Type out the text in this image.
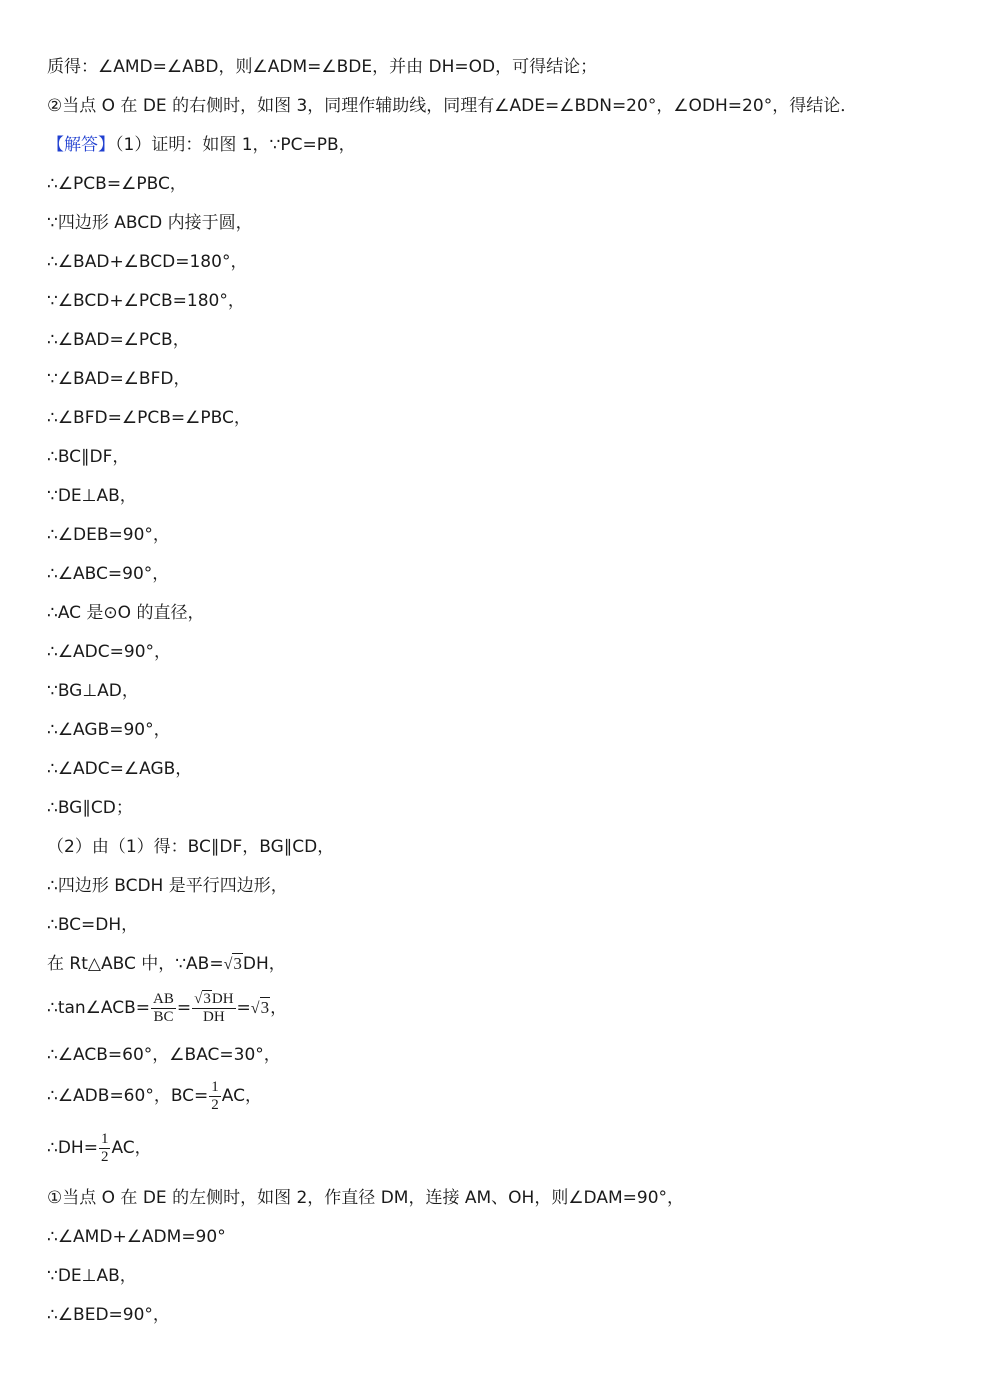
质得：∠AMD=∠ABD，则∠ADM=∠BDE，并由 DH=OD，可得结论；
②当点 O 在 DE 的右侧时，如图 3，同理作辅助线，同理有∠ADE=∠BDN=20°，∠ODH=20°，得结论．
【解答】（1）证明：如图 1，∵PC=PB，
∴∠PCB=∠PBC，
∵四边形 ABCD 内接于圆，
∴∠BAD+∠BCD=180°，
∵∠BCD+∠PCB=180°，
∴∠BAD=∠PCB，
∵∠BAD=∠BFD，
∴∠BFD=∠PCB=∠PBC，
∴BC∥DF，
∵DE⊥AB，
∴∠DEB=90°，
∴∠ABC=90°，
∴AC 是⊙O 的直径，
∴∠ADC=90°，
∵BG⊥AD，
∴∠AGB=90°，
∴∠ADC=∠AGB，
∴BG∥CD；
（2）由（1）得：BC∥DF，BG∥CD，
∴四边形 BCDH 是平行四边形，
∴BC=DH，
在 Rt△ABC 中，∵AB=√3DH，
∴tan∠ACB= $\frac{AB}{BC} = \frac{√3DH}{DH} =√3$，
∴∠ACB=60°，∠BAC=30°，
∴∠ADB=60°，$BC= \frac{1}{2}$ AC，
∴DH= $\frac{1}{2}$ AC，
①当点 O 在 DE 的左侧时，如图 2，作直径 DM，连接 AM、OH，则∠DAM=90°，
∴∠AMD+∠ADM=90°
∵DE⊥AB，
∴∠BED=90°，
